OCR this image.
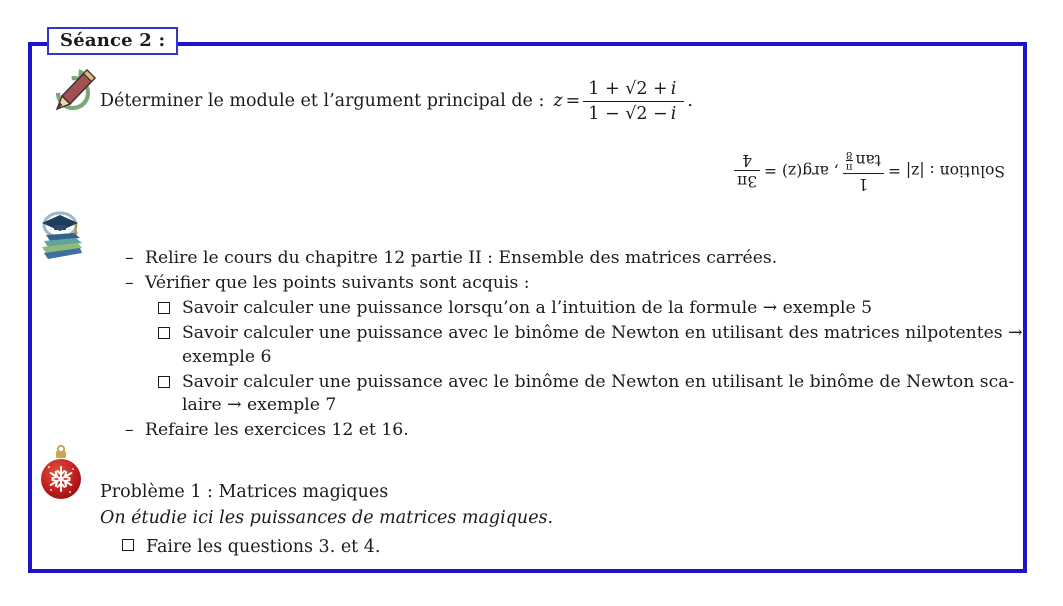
Séance 2 :
Déterminer le module et l’argument principal de : $z = \frac{1 + √2 + i}{1 - √2 - i}$ .
Solution : |z| =
1
tan
π
8
, arg(z) =
3π
4
– Relire le cours du chapitre 12 partie II : Ensemble des matrices carrées.
– Vérifier que les points suivants sont acquis :
Savoir calculer une puissance lorsqu’on a l’intuition de la formule → exemple 5
Savoir calculer une puissance avec le binôme de Newton en utilisant des matrices nilpotentes →
exemple 6
Savoir calculer une puissance avec le binôme de Newton en utilisant le binôme de Newton sca-
laire → exemple 7
– Refaire les exercices 12 et 16.
Problème 1 : Matrices magiques
On étudie ici les puissances de matrices magiques.
Faire les questions 3. et 4.
